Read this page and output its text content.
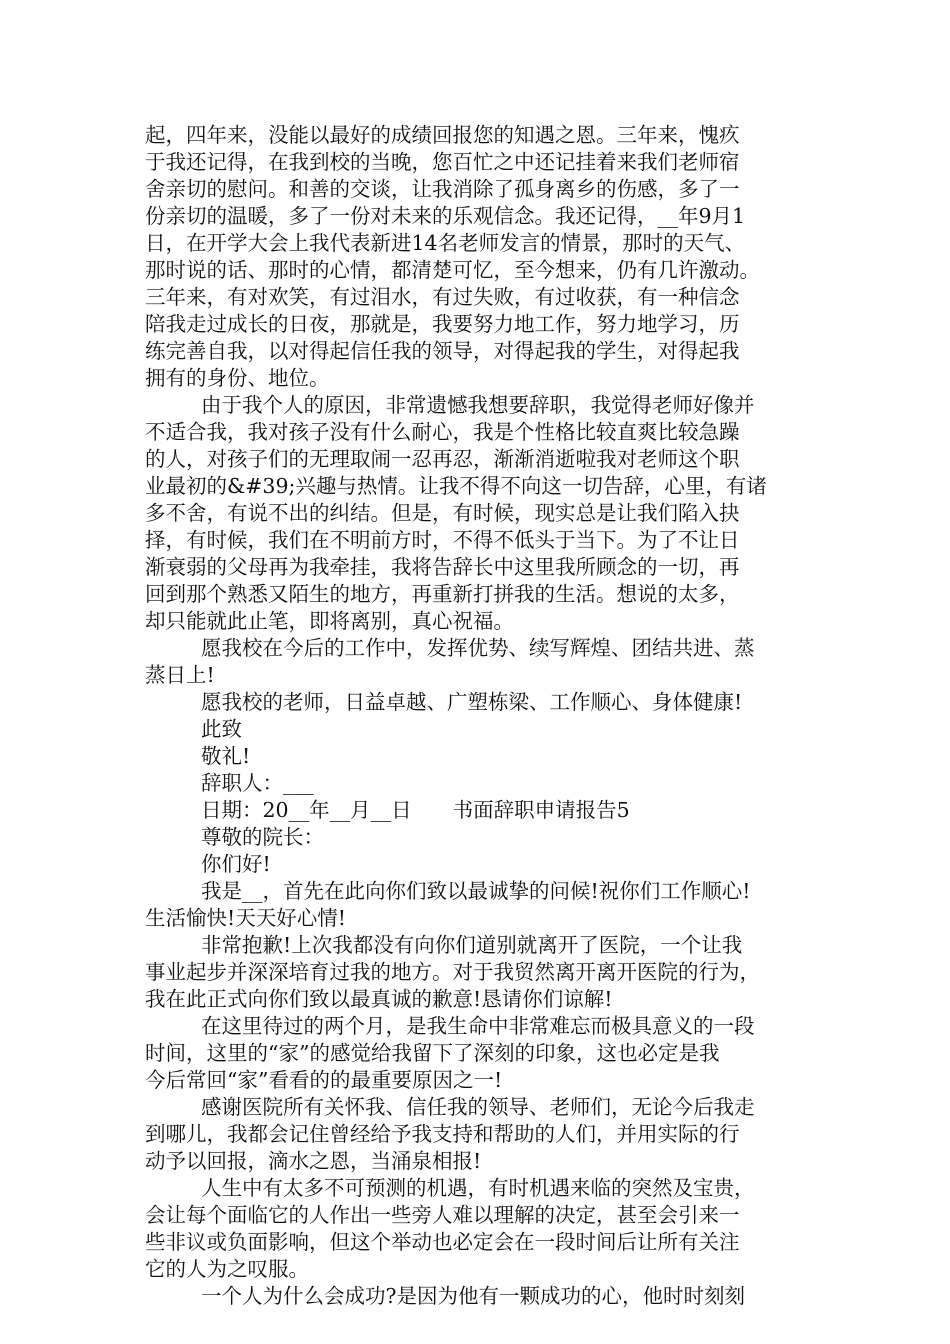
起，四年来，没能以最好的成绩回报您的知遇之恩。三年来，愧疚
于我还记得，在我到校的当晚，您百忙之中还记挂着来我们老师宿
舍亲切的慰问。和善的交谈，让我消除了孤身离乡的伤感，多了一
份亲切的温暖，多了一份对未来的乐观信念。我还记得，__年9月1
日，在开学大会上我代表新进14名老师发言的情景，那时的天气、
那时说的话、那时的心情，都清楚可忆，至今想来，仍有几许激动。
三年来，有对欢笑，有过泪水，有过失败，有过收获，有一种信念
陪我走过成长的日夜，那就是，我要努力地工作，努力地学习，历
练完善自我，以对得起信任我的领导，对得起我的学生，对得起我
拥有的身份、地位。
由于我个人的原因，非常遗憾我想要辞职，我觉得老师好像并
不适合我，我对孩子没有什么耐心，我是个性格比较直爽比较急躁
的人，对孩子们的无理取闹一忍再忍，渐渐消逝啦我对老师这个职
业最初的&#39;兴趣与热情。让我不得不向这一切告辞，心里，有诸
多不舍，有说不出的纠结。但是，有时候，现实总是让我们陷入抉
择，有时候，我们在不明前方时，不得不低头于当下。为了不让日
渐衰弱的父母再为我牵挂，我将告辞长中这里我所顾念的一切，再
回到那个熟悉又陌生的地方，再重新打拼我的生活。想说的太多，
却只能就此止笔，即将离别，真心祝福。
愿我校在今后的工作中，发挥优势、续写辉煌、团结共进、蒸
蒸日上!
愿我校的老师，日益卓越、广塑栋梁、工作顺心、身体健康!
此致
敬礼!
辞职人：___
日期：20__年__月__日　　书面辞职申请报告5
尊敬的院长：
你们好!
我是__，首先在此向你们致以最诚挚的问候!祝你们工作顺心!
生活愉快!天天好心情!
非常抱歉!上次我都没有向你们道别就离开了医院，一个让我
事业起步并深深培育过我的地方。对于我贸然离开离开医院的行为，
我在此正式向你们致以最真诚的歉意!恳请你们谅解!
在这里待过的两个月，是我生命中非常难忘而极具意义的一段
时间，这里的“家”的感觉给我留下了深刻的印象，这也必定是我
今后常回“家”看看的的最重要原因之一!
感谢医院所有关怀我、信任我的领导、老师们，无论今后我走
到哪儿，我都会记住曾经给予我支持和帮助的人们，并用实际的行
动予以回报，滴水之恩，当涌泉相报!
人生中有太多不可预测的机遇，有时机遇来临的突然及宝贵，
会让每个面临它的人作出一些旁人难以理解的决定，甚至会引来一
些非议或负面影响，但这个举动也必定会在一段时间后让所有关注
它的人为之叹服。
一个人为什么会成功?是因为他有一颗成功的心，他时时刻刻
